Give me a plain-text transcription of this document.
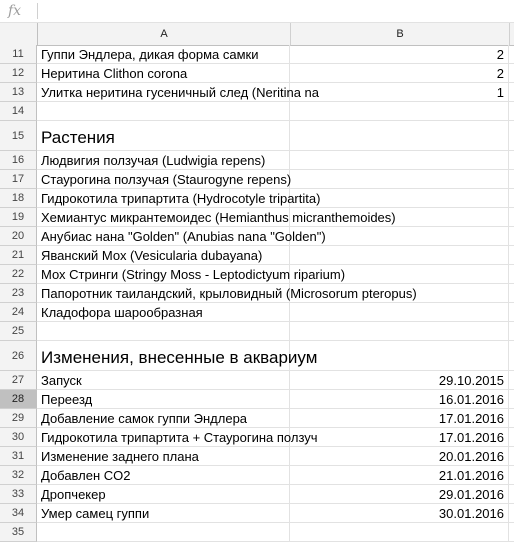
fx
A	B
11	Гуппи Эндлера, дикая форма самки	2
12	Неритина Clithon corona	2
13	Улитка неритина гусеничный след (Neritina na	1
14
15 Растения
16	Людвигия ползучая (Ludwigia repens)
17	Стаурогина ползучая (Staurogyne repens)
18	Гидрокотила трипартита (Hydrocotyle tripartita)
19	Хемиантус микрантемоидес (Hemianthus micranthemoides)
20	Анубиас нана "Golden" (Anubias nana "Golden")
21	Яванский Мох (Vesicularia dubayana)
22	Мох Стринги (Stringy Moss - Leptodictyum riparium)
23	Папоротник таиландский, крыловидный (Microsorum pteropus)
24	Кладофора шарообразная
25
26 Изменения, внесенные в аквариум
27	Запуск	29.10.2015
28	Переезд	16.01.2016
29	Добавление самок гуппи Эндлера	17.01.2016
30	Гидрокотила трипартита + Стаурогина ползуч	17.01.2016
31	Изменение заднего плана	20.01.2016
32	Добавлен CO2	21.01.2016
33	Дропчекер	29.01.2016
34	Умер самец гуппи	30.01.2016
35
